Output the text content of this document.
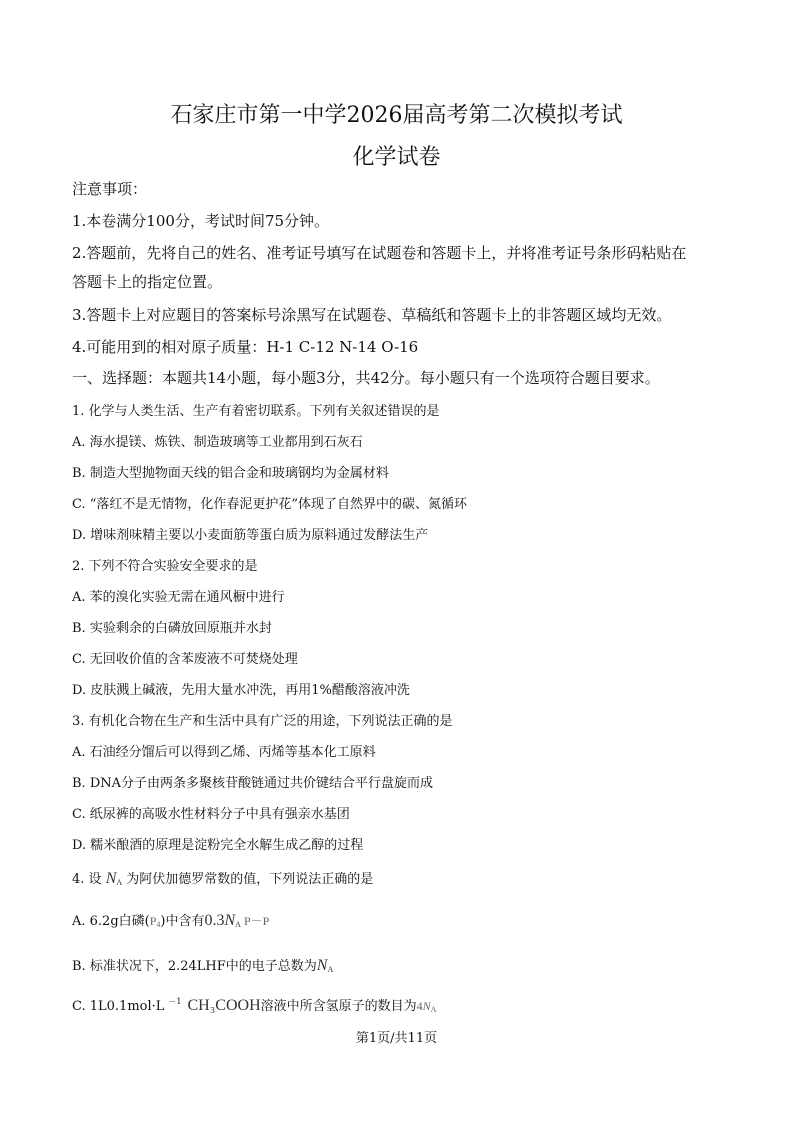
石家庄市第一中学2026届高考第二次模拟考试
化学试卷
注意事项：
1.本卷满分100分，考试时间75分钟。
2.答题前，先将自己的姓名、准考证号填写在试题卷和答题卡上，并将准考证号条形码粘贴在
答题卡上的指定位置。
3.答题卡上对应题目的答案标号涂黑写在试题卷、草稿纸和答题卡上的非答题区域均无效。
4.可能用到的相对原子质量：H-1 C-12 N-14 O-16
一、选择题：本题共14小题，每小题3分，共42分。每小题只有一个选项符合题目要求。
1. 化学与人类生活、生产有着密切联系。下列有关叙述错误的是
A. 海水提镁、炼铁、制造玻璃等工业都用到石灰石
B. 制造大型抛物面天线的铝合金和玻璃钢均为金属材料
C. “落红不是无情物，化作春泥更护花”体现了自然界中的碳、氮循环
D. 增味剂味精主要以小麦面筋等蛋白质为原料通过发酵法生产
2. 下列不符合实验安全要求的是
A. 苯的溴化实验无需在通风橱中进行
B. 实验剩余的白磷放回原瓶并水封
C. 无回收价值的含苯废液不可焚烧处理
D. 皮肤溅上碱液，先用大量水冲洗，再用1%醋酸溶液冲洗
3. 有机化合物在生产和生活中具有广泛的用途，下列说法正确的是
A. 石油经分馏后可以得到乙烯、丙烯等基本化工原料
B. DNA分子由两条多聚核苷酸链通过共价键结合平行盘旋而成
C. 纸尿裤的高吸水性材料分子中具有强亲水基团
D. 糯米酿酒的原理是淀粉完全水解生成乙醇的过程
4. 设 $N_A$ 为阿伏加德罗常数的值，下列说法正确的是
A. 6.2g白磷$(P_4)$中含有$0.3N_A$ P－P
B. 标准状况下，2.24LHF中的电子总数为$N_A$
C. 1L0.1mol·L $^{-1}$ CH₃COOH溶液中所含氢原子的数目为$4N_A$
第1页/共11页
